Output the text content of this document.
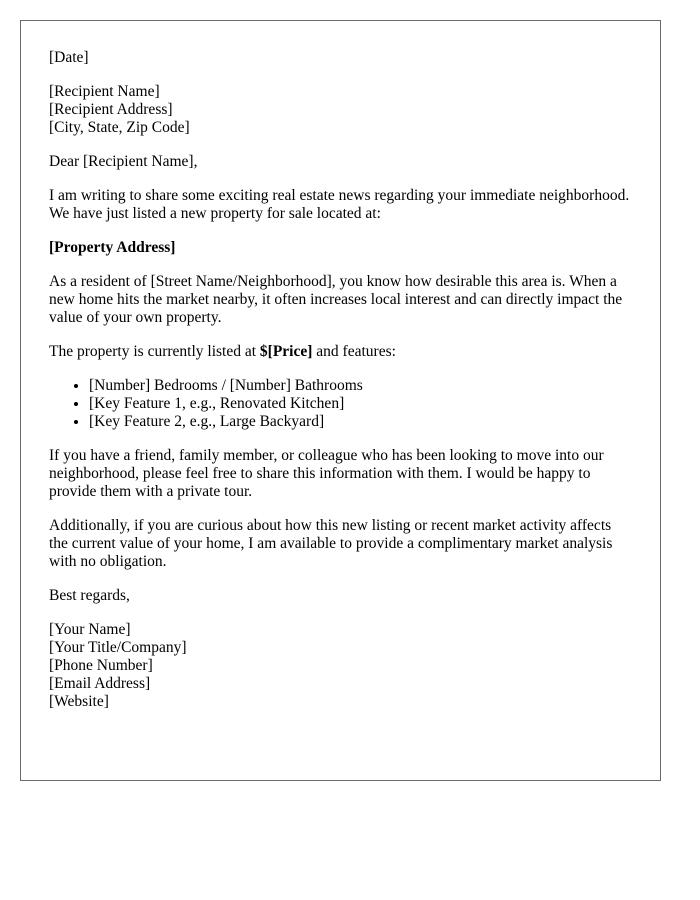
[Date]

[Recipient Name]
[Recipient Address]
[City, State, Zip Code]

Dear [Recipient Name],

I am writing to share some exciting real estate news regarding your immediate neighborhood. We have just listed a new property for sale located at:

[Property Address]

As a resident of [Street Name/Neighborhood], you know how desirable this area is. When a new home hits the market nearby, it often increases local interest and can directly impact the value of your own property.

The property is currently listed at $[Price] and features:

• [Number] Bedrooms / [Number] Bathrooms
• [Key Feature 1, e.g., Renovated Kitchen]
• [Key Feature 2, e.g., Large Backyard]

If you have a friend, family member, or colleague who has been looking to move into our neighborhood, please feel free to share this information with them. I would be happy to provide them with a private tour.

Additionally, if you are curious about how this new listing or recent market activity affects the current value of your home, I am available to provide a complimentary market analysis with no obligation.

Best regards,

[Your Name]
[Your Title/Company]
[Phone Number]
[Email Address]
[Website]
